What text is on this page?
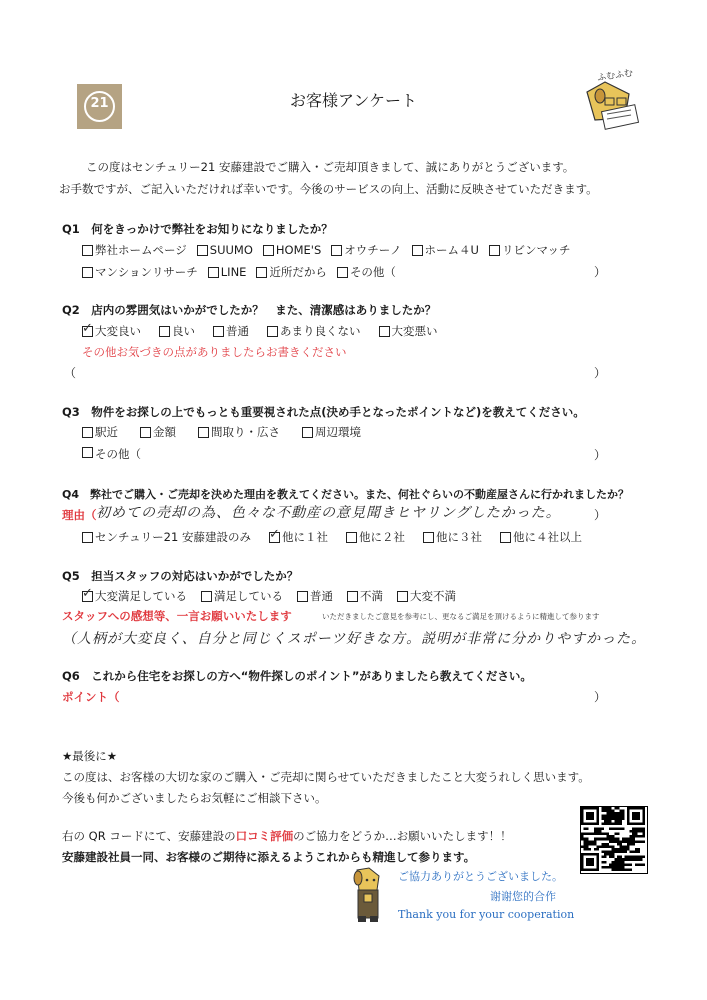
21	お客様アンケート
ふむふむ
この度はセンチュリー21 安藤建設でご購入・ご売却頂きまして、誠にありがとうございます。
お手数ですが、ご記入いただければ幸いです。今後のサービスの向上、活動に反映させていただきます。
Q1　何をきっかけで弊社をお知りになりましたか？
弊社ホームページ SUUMO HOME'S オウチーノ ホーム４U リビンマッチ
マンションリサーチ LINE 近所だから その他（	）
Q2　店内の雰囲気はいかがでしたか？　また、清潔感はありましたか？
✓
大変良い	良い	普通	あまり良くない	大変悪い
その他お気づきの点がありましたらお書きください
（	）
Q3　物件をお探しの上でもっとも重要視された点(決め手となったポイントなど)を教えてください。
駅近	金額	間取り・広さ	周辺環境
その他（	）
Q4　弊社でご購入・ご売却を決めた理由を教えてください。また、何社ぐらいの不動産屋さんに行かれましたか？
理由（ 初めての売却の為、色々な不動産の意見聞きヒヤリングしたかった。	）
センチュリー21 安藤建設のみ
✓	他に１社	他に２社	他に３社	他に４社以上
Q5　担当スタッフの対応はいかがでしたか？
✓
大変満足している 満足している 普通 不満 大変不満
スタッフへの感想等、一言お願いいたします	いただきましたご意見を参考にし、更なるご満足を頂けるように精進して参ります
（人柄が大変良く、自分と同じくスポーツ好きな方。説明が非常に分かりやすかった。
Q6　これから住宅をお探しの方へ“物件探しのポイント”がありましたら教えてください。
ポイント（	）
★最後に★
この度は、お客様の大切な家のご購入・ご売却に関らせていただきましたこと大変うれしく思います。
今後も何かございましたらお気軽にご相談下さい。
右の QR コードにて、安藤建設の口コミ評価のご協力をどうか…お願いいたします！！
安藤建設社員一同、お客様のご期待に添えるようこれからも精進して参ります。
ご協力ありがとうございました。
谢谢您的合作
Thank you for your cooperation
